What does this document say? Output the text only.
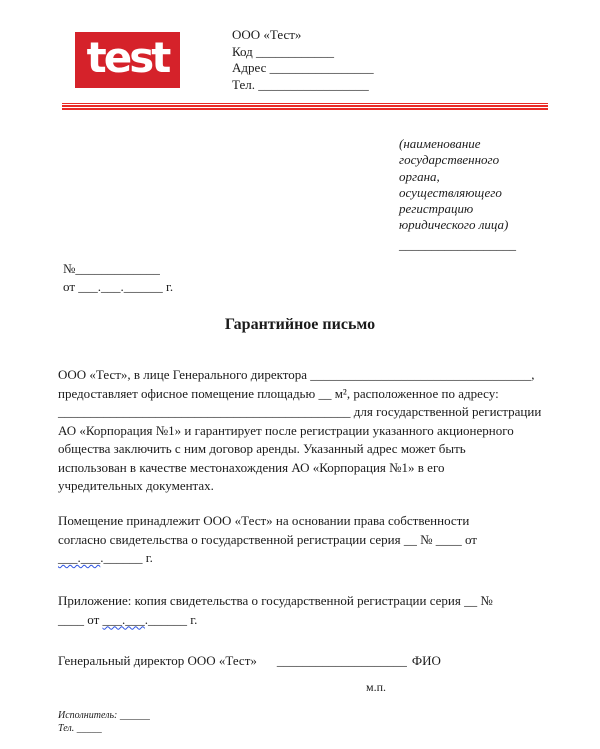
test	ООО «Тест»
Код ____________
Адрес ________________
Тел. _________________
(наименование
государственного
органа,
осуществляющего
регистрацию
юридического лица)
__________________
№_____________
от ___.___.______ г.
Гарантийное письмо
ООО «Тест», в лице Генерального директора __________________________________,
предоставляет офисное помещение площадью __ м², расположенное по адресу:
_____________________________________________ для государственной регистрации
АО «Корпорация №1» и гарантирует после регистрации указанного акционерного
общества заключить с ним договор аренды. Указанный адрес может быть
использован в качестве местонахождения АО «Корпорация №1» в его
учредительных документах.
Помещение принадлежит ООО «Тест» на основании права собственности
согласно свидетельства о государственной регистрации серия __ № ____ от
___.___.______ г.
Приложение: копия свидетельства о государственной регистрации серия __ №
____ от ___.___.______ г.
Генеральный директор ООО «Тест» ____________________ ФИО
м.п.
Исполнитель: ______
Тел. _____
